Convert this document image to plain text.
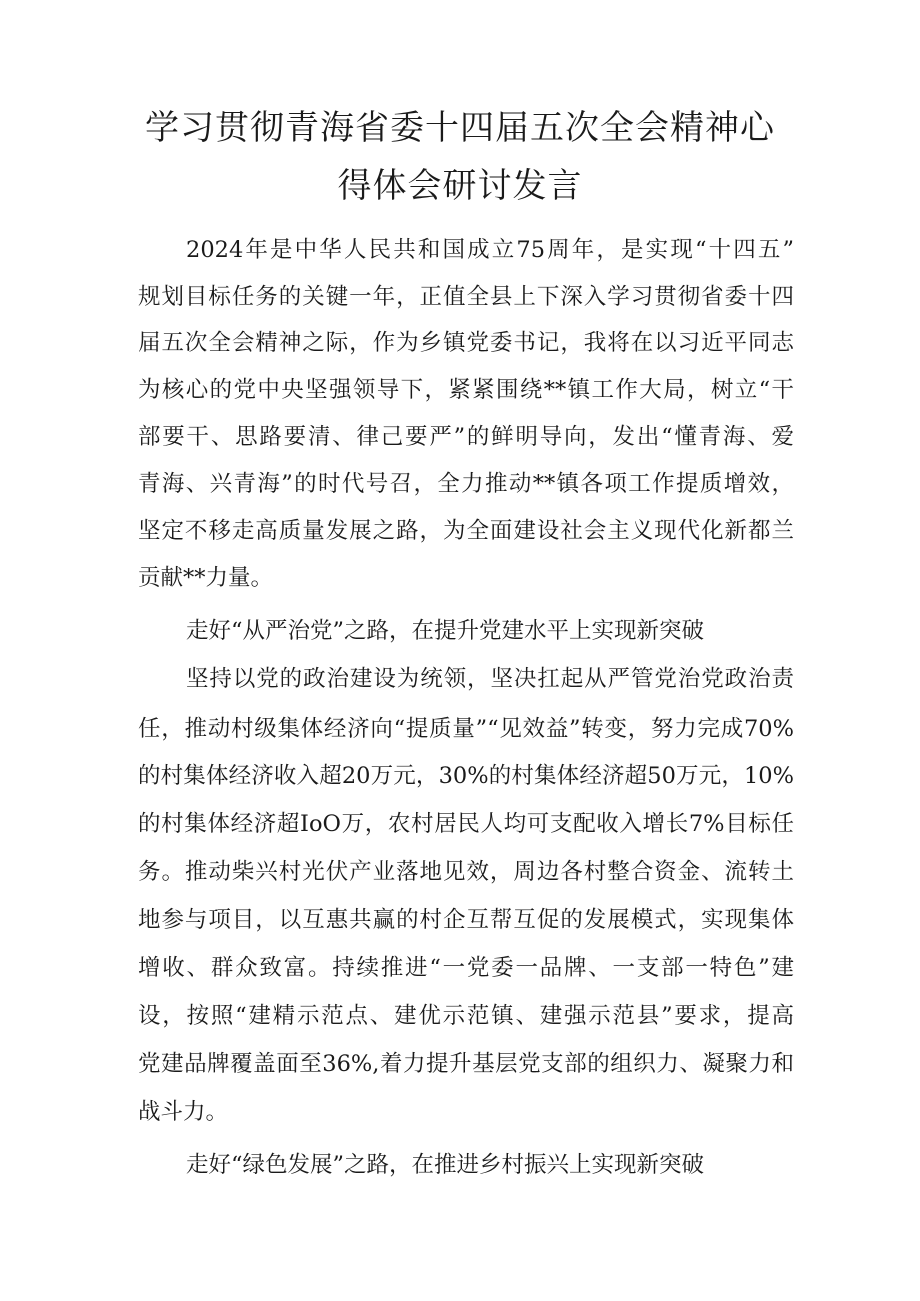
学习贯彻青海省委十四届五次全会精神心
得体会研讨发言
2024年是中华人民共和国成立75周年，是实现“十四五”
规划目标任务的关键一年，正值全县上下深入学习贯彻省委十四
届五次全会精神之际，作为乡镇党委书记，我将在以习近平同志
为核心的党中央坚强领导下，紧紧围绕**镇工作大局，树立“干
部要干、思路要清、律己要严”的鲜明导向，发出“懂青海、爱
青海、兴青海”的时代号召，全力推动**镇各项工作提质增效，
坚定不移走高质量发展之路，为全面建设社会主义现代化新都兰
贡献**力量。
走好“从严治党”之路，在提升党建水平上实现新突破
坚持以党的政治建设为统领，坚决扛起从严管党治党政治责
任，推动村级集体经济向“提质量”“见效益”转变，努力完成70%
的村集体经济收入超20万元，30%的村集体经济超50万元，10%
的村集体经济超IoO万，农村居民人均可支配收入增长7%目标任
务。推动柴兴村光伏产业落地见效，周边各村整合资金、流转土
地参与项目，以互惠共赢的村企互帮互促的发展模式，实现集体
增收、群众致富。持续推进“一党委一品牌、一支部一特色”建
设，按照“建精示范点、建优示范镇、建强示范县”要求，提高
党建品牌覆盖面至36%,着力提升基层党支部的组织力、凝聚力和
战斗力。
走好“绿色发展”之路，在推进乡村振兴上实现新突破
